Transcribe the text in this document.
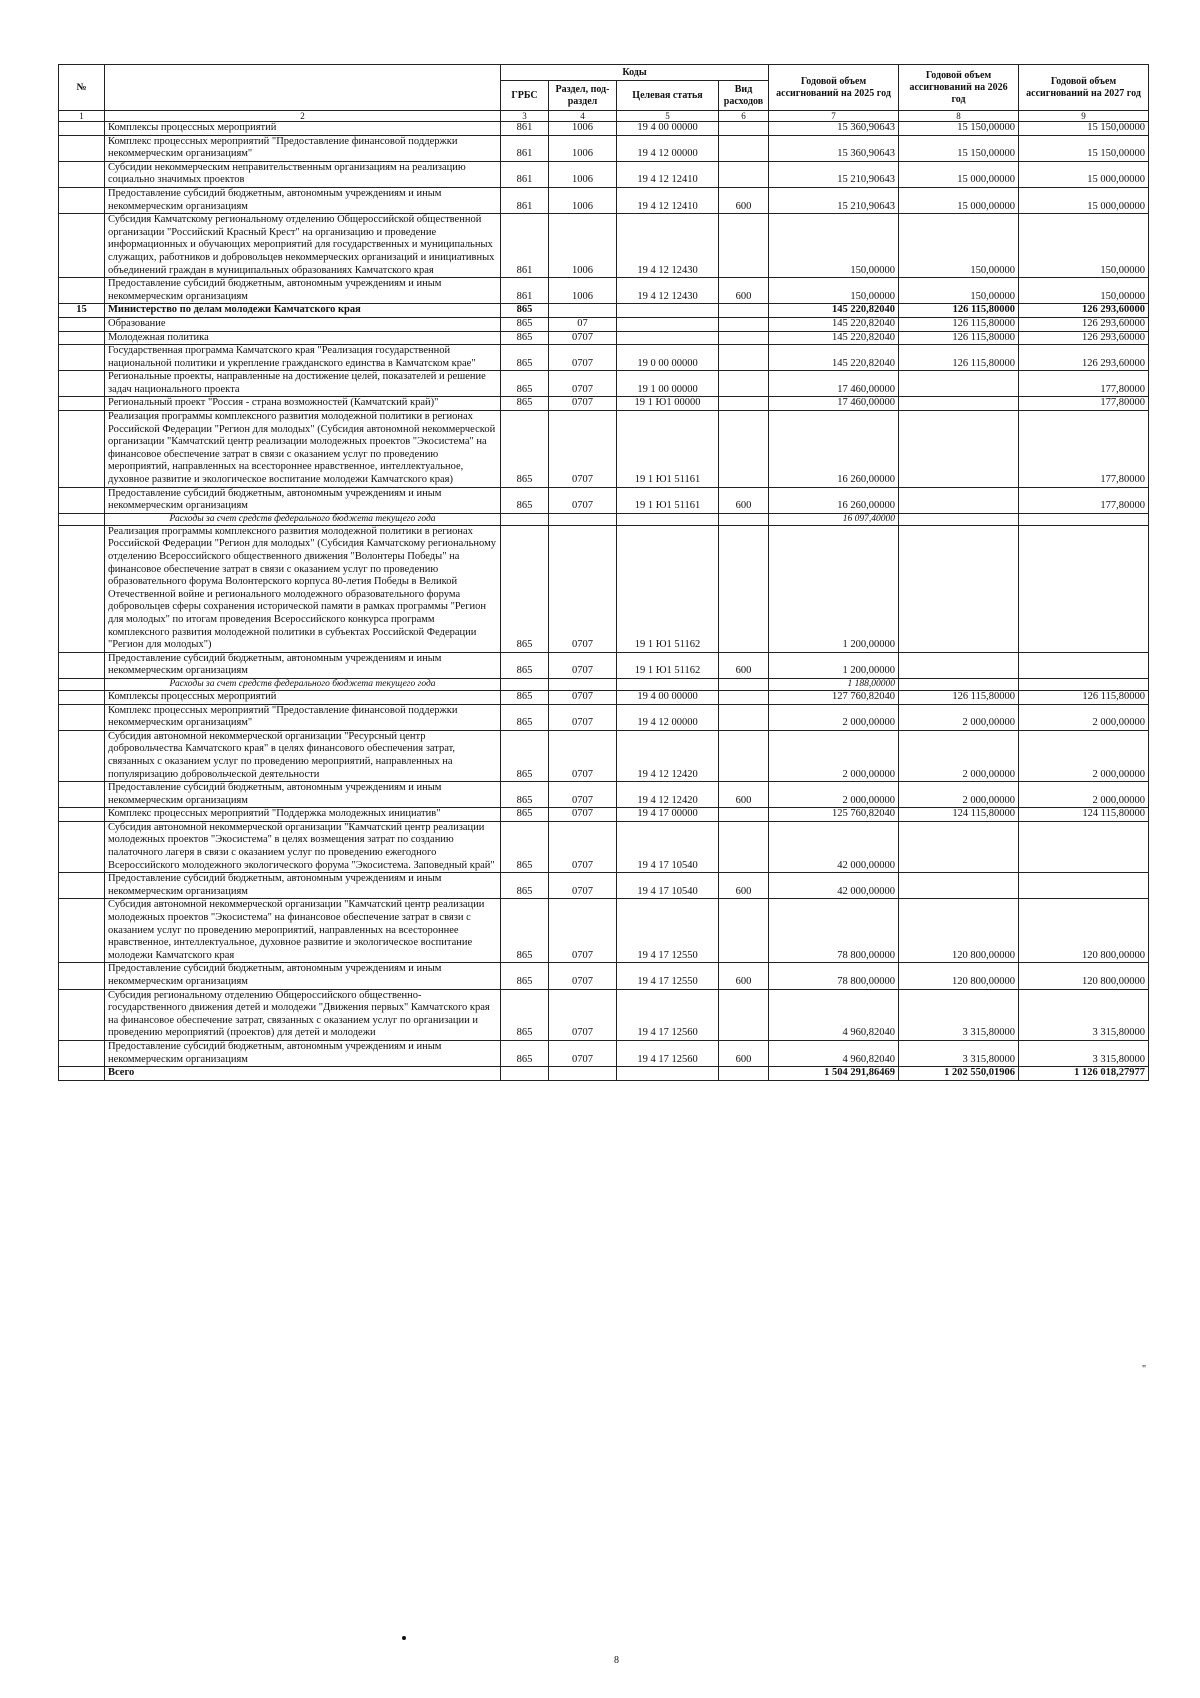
№		Коды				Годовой объем ассигнований на 2025 год	Годовой объем ассигнований на 2026 год	Годовой объем ассигнований на 2027 год
		ГРБС	Раздел, под-раздел	Целевая статья	Вид расходов			
1	2	3	4	5	6	7	8	9
	Комплексы процессных мероприятий	861	1006	19 4 00 00000		15 360,90643	15 150,00000	15 150,00000
	Комплекс процессных мероприятий "Предоставление финансовой поддержки некоммерческим организациям"	861	1006	19 4 12 00000		15 360,90643	15 150,00000	15 150,00000
	Субсидии некоммерческим неправительственным организациям на реализацию социально значимых проектов	861	1006	19 4 12 12410		15 210,90643	15 000,00000	15 000,00000
	Предоставление субсидий бюджетным, автономным учреждениям и иным некоммерческим организациям	861	1006	19 4 12 12410	600	15 210,90643	15 000,00000	15 000,00000
	Субсидия Камчатскому региональному отделению Общероссийской общественной организации "Российский Красный Крест" на организацию и проведение информационных и обучающих мероприятий для государственных и муниципальных служащих, работников и добровольцев некоммерческих организаций и инициативных объединений граждан в муниципальных образованиях Камчатского края	861	1006	19 4 12 12430		150,00000	150,00000	150,00000
	Предоставление субсидий бюджетным, автономным учреждениям и иным некоммерческим организациям	861	1006	19 4 12 12430	600	150,00000	150,00000	150,00000
15	Министерство по делам молодежи Камчатского края	865				145 220,82040	126 115,80000	126 293,60000
	Образование	865	07			145 220,82040	126 115,80000	126 293,60000
	Молодежная политика	865	0707			145 220,82040	126 115,80000	126 293,60000
	Государственная программа Камчатского края "Реализация государственной национальной политики и укрепление гражданского единства в Камчатском крае"	865	0707	19 0 00 00000		145 220,82040	126 115,80000	126 293,60000
	Региональные проекты, направленные на достижение целей, показателей и решение задач национального проекта	865	0707	19 1 00 00000		17 460,00000		177,80000
	Региональный проект "Россия - страна возможностей (Камчатский край)"	865	0707	19 1 Ю1 00000		17 460,00000		177,80000
	Реализация программы комплексного развития молодежной политики в регионах Российской Федерации "Регион для молодых" (Субсидия автономной некоммерческой организации "Камчатский центр реализации молодежных проектов "Экосистема" на финансовое обеспечение затрат в связи с оказанием услуг по проведению мероприятий, направленных на всестороннее нравственное, интеллектуальное, духовное развитие и экологическое воспитание молодежи Камчатского края)	865	0707	19 1 Ю1 51161		16 260,00000		177,80000
	Предоставление субсидий бюджетным, автономным учреждениям и иным некоммерческим организациям	865	0707	19 1 Ю1 51161	600	16 260,00000		177,80000
	Расходы за счет средств федерального бюджета текущего года					16 097,40000		
	Реализация программы комплексного развития молодежной политики в регионах Российской Федерации "Регион для молодых" (Субсидия Камчатскому региональному отделению Всероссийского общественного движения "Волонтеры Победы" на финансовое обеспечение затрат в связи с оказанием услуг по проведению образовательного форума Волонтерского корпуса 80-летия Победы в Великой Отечественной войне и регионального молодежного образовательного форума добровольцев сферы сохранения исторической памяти в рамках программы "Регион для молодых" по итогам проведения Всероссийского конкурса программ комплексного развития молодежной политики в субъектах Российской Федерации "Регион для молодых")	865	0707	19 1 Ю1 51162		1 200,00000		
	Предоставление субсидий бюджетным, автономным учреждениям и иным некоммерческим организациям	865	0707	19 1 Ю1 51162	600	1 200,00000		
	Расходы за счет средств федерального бюджета текущего года					1 188,00000		
	Комплексы процессных мероприятий	865	0707	19 4 00 00000		127 760,82040	126 115,80000	126 115,80000
	Комплекс процессных мероприятий "Предоставление финансовой поддержки некоммерческим организациям"	865	0707	19 4 12 00000		2 000,00000	2 000,00000	2 000,00000
	Субсидия автономной некоммерческой организации "Ресурсный центр добровольчества Камчатского края" в целях финансового обеспечения затрат, связанных с оказанием услуг по проведению мероприятий, направленных на популяризацию добровольческой деятельности	865	0707	19 4 12 12420		2 000,00000	2 000,00000	2 000,00000
	Предоставление субсидий бюджетным, автономным учреждениям и иным некоммерческим организациям	865	0707	19 4 12 12420	600	2 000,00000	2 000,00000	2 000,00000
	Комплекс процессных мероприятий "Поддержка молодежных инициатив"	865	0707	19 4 17 00000		125 760,82040	124 115,80000	124 115,80000
	Субсидия автономной некоммерческой организации "Камчатский центр реализации молодежных проектов "Экосистема" в целях возмещения затрат по созданию палаточного лагеря в связи с оказанием услуг по проведению ежегодного Всероссийского молодежного экологического форума "Экосистема. Заповедный край"	865	0707	19 4 17 10540		42 000,00000		
	Предоставление субсидий бюджетным, автономным учреждениям и иным некоммерческим организациям	865	0707	19 4 17 10540	600	42 000,00000		
	Субсидия автономной некоммерческой организации "Камчатский центр реализации молодежных проектов "Экосистема" на финансовое обеспечение затрат в связи с оказанием услуг по проведению мероприятий, направленных на всестороннее нравственное, интеллектуальное, духовное развитие и экологическое воспитание молодежи Камчатского края	865	0707	19 4 17 12550		78 800,00000	120 800,00000	120 800,00000
	Предоставление субсидий бюджетным, автономным учреждениям и иным некоммерческим организациям	865	0707	19 4 17 12550	600	78 800,00000	120 800,00000	120 800,00000
	Субсидия региональному отделению Общероссийского общественно-государственного движения детей и молодежи "Движения первых" Камчатского края на финансовое обеспечение затрат, связанных с оказанием услуг по организации и проведению мероприятий (проектов) для детей и молодежи	865	0707	19 4 17 12560		4 960,82040	3 315,80000	3 315,80000
	Предоставление субсидий бюджетным, автономным учреждениям и иным некоммерческим организациям	865	0707	19 4 17 12560	600	4 960,82040	3 315,80000	3 315,80000
	Всего					1 504 291,86469	1 202 550,01906	1 126 018,27977
"
8
